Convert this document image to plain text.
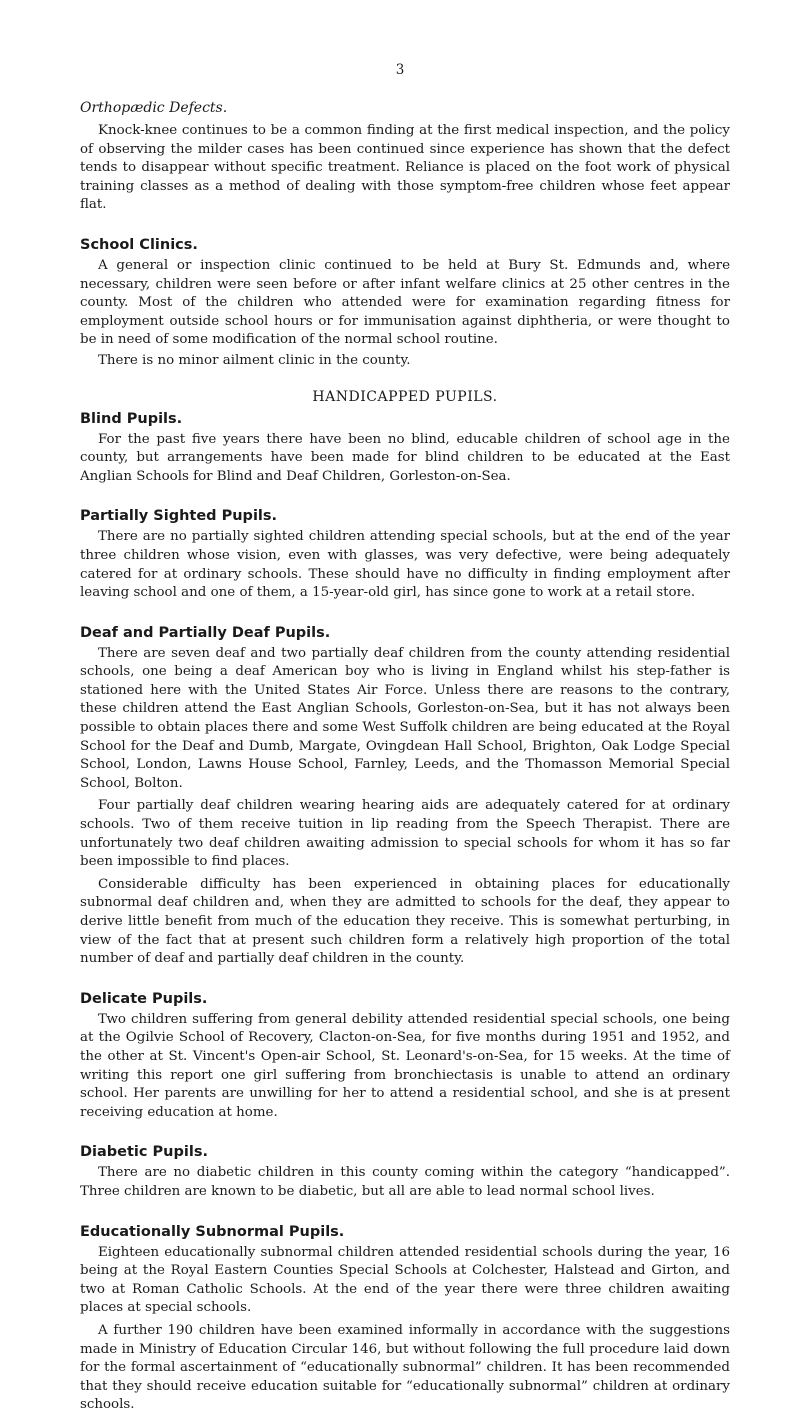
3
Orthopædic Defects.

Knock-knee continues to be a common finding at the first medical inspection, and the policy of observing the milder cases has been continued since experience has shown that the defect tends to disappear without specific treatment. Reliance is placed on the foot work of physical training classes as a method of dealing with those symptom-free children whose feet appear flat.

School Clinics.

A general or inspection clinic continued to be held at Bury St. Edmunds and, where necessary, children were seen before or after infant welfare clinics at 25 other centres in the county. Most of the children who attended were for examination regarding fitness for employment outside school hours or for immunisation against diphtheria, or were thought to be in need of some modification of the normal school routine.

There is no minor ailment clinic in the county.

HANDICAPPED PUPILS.
Blind Pupils.

For the past five years there have been no blind, educable children of school age in the county, but arrangements have been made for blind children to be educated at the East Anglian Schools for Blind and Deaf Children, Gorleston-on-Sea.

Partially Sighted Pupils.

There are no partially sighted children attending special schools, but at the end of the year three children whose vision, even with glasses, was very defective, were being adequately catered for at ordinary schools. These should have no difficulty in finding employment after leaving school and one of them, a 15-year-old girl, has since gone to work at a retail store.

Deaf and Partially Deaf Pupils.

There are seven deaf and two partially deaf children from the county attending residential schools, one being a deaf American boy who is living in England whilst his step-father is stationed here with the United States Air Force. Unless there are reasons to the contrary, these children attend the East Anglian Schools, Gorleston-on-Sea, but it has not always been possible to obtain places there and some West Suffolk children are being educated at the Royal School for the Deaf and Dumb, Margate, Ovingdean Hall School, Brighton, Oak Lodge Special School, London, Lawns House School, Farnley, Leeds, and the Thomasson Memorial Special School, Bolton.

Four partially deaf children wearing hearing aids are adequately catered for at ordinary schools. Two of them receive tuition in lip reading from the Speech Therapist. There are unfortunately two deaf children awaiting admission to special schools for whom it has so far been impossible to find places.

Considerable difficulty has been experienced in obtaining places for educationally subnormal deaf children and, when they are admitted to schools for the deaf, they appear to derive little benefit from much of the education they receive. This is somewhat perturbing, in view of the fact that at present such children form a relatively high proportion of the total number of deaf and partially deaf children in the county.

Delicate Pupils.

Two children suffering from general debility attended residential special schools, one being at the Ogilvie School of Recovery, Clacton-on-Sea, for five months during 1951 and 1952, and the other at St. Vincent's Open-air School, St. Leonard's-on-Sea, for 15 weeks. At the time of writing this report one girl suffering from bronchiectasis is unable to attend an ordinary school. Her parents are unwilling for her to attend a residential school, and she is at present receiving education at home.

Diabetic Pupils.

There are no diabetic children in this county coming within the category “handicapped”. Three children are known to be diabetic, but all are able to lead normal school lives.

Educationally Subnormal Pupils.

Eighteen educationally subnormal children attended residential schools during the year, 16 being at the Royal Eastern Counties Special Schools at Colchester, Halstead and Girton, and two at Roman Catholic Schools. At the end of the year there were three children awaiting places at special schools.

A further 190 children have been examined informally in accordance with the suggestions made in Ministry of Education Circular 146, but without following the full procedure laid down for the formal ascertainment of “educationally subnormal” children. It has been recommended that they should receive education suitable for “educationally subnormal” children at ordinary schools.
